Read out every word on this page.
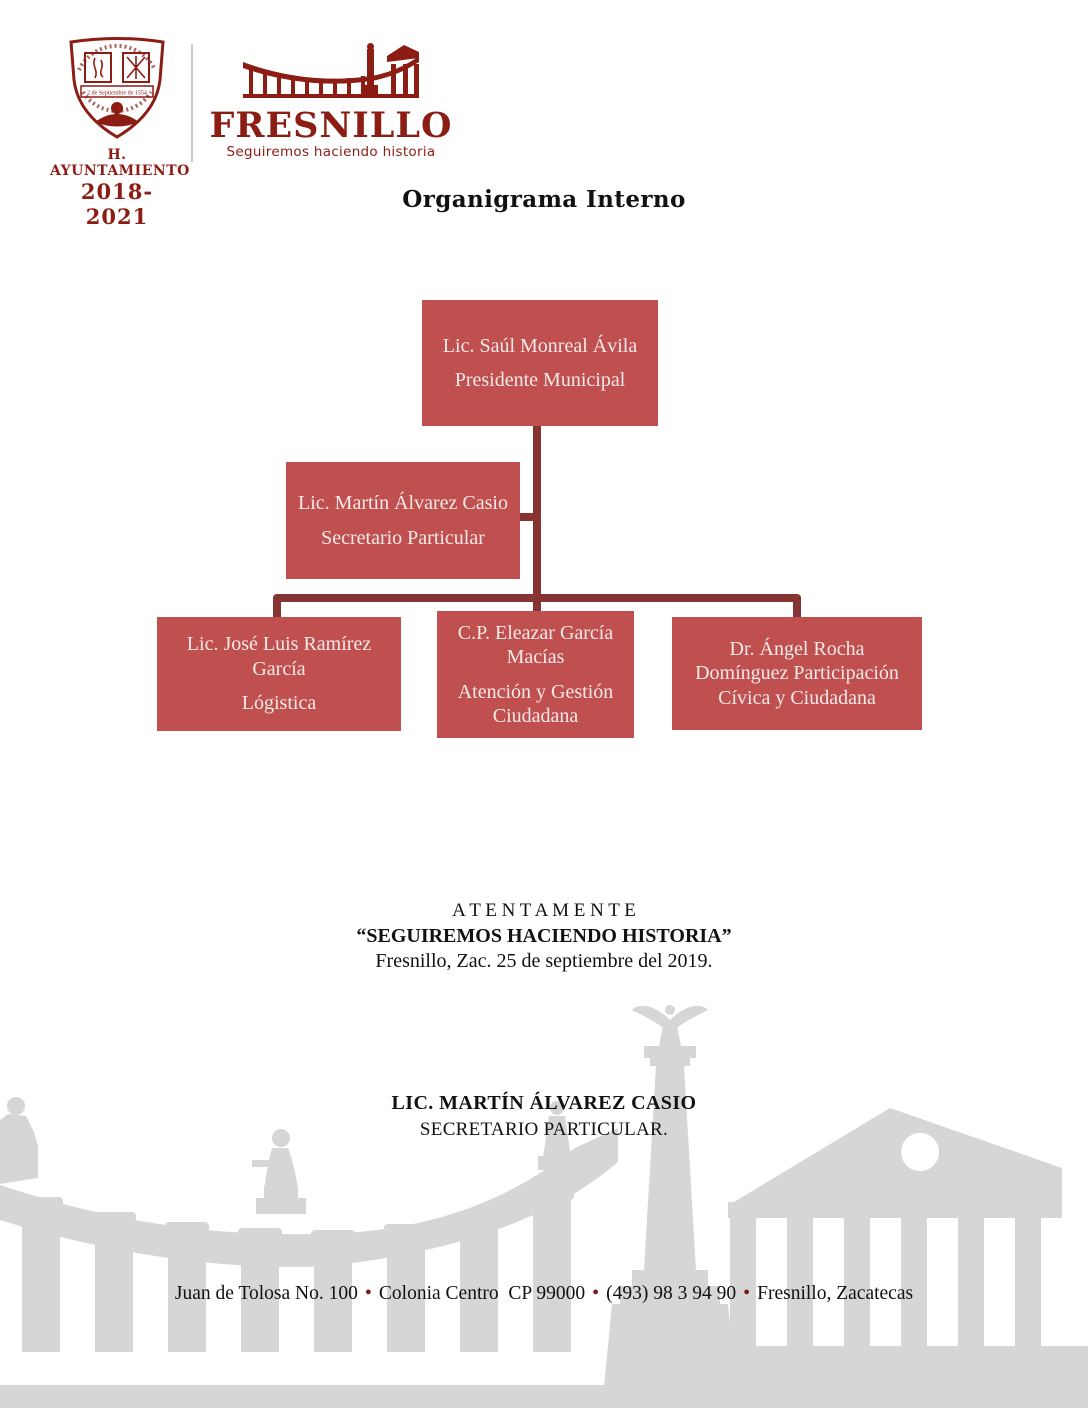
2 de Septiembre de 1554
H. AYUNTAMIENTO
2018-2021
FRESNILLO
Seguiremos haciendo historia
Organigrama Interno
Lic. Saúl Monreal Ávila
Presidente Municipal
Lic. Martín Álvarez Casio
Secretario Particular
Lic. José Luis Ramírez García
Lógistica
C.P. Eleazar García Macías
Atención y Gestión Ciudadana
Dr. Ángel Rocha Domínguez Participación Cívica y Ciudadana
A T E N T A M E N T E
“SEGUIREMOS HACIENDO HISTORIA”
Fresnillo, Zac. 25 de septiembre del 2019.
LIC. MARTÍN ÁLVAREZ CASIO
SECRETARIO PARTICULAR.
Juan de Tolosa No. 100 • Colonia Centro  CP 99000 • (493) 98 3 94 90 • Fresnillo, Zacatecas
